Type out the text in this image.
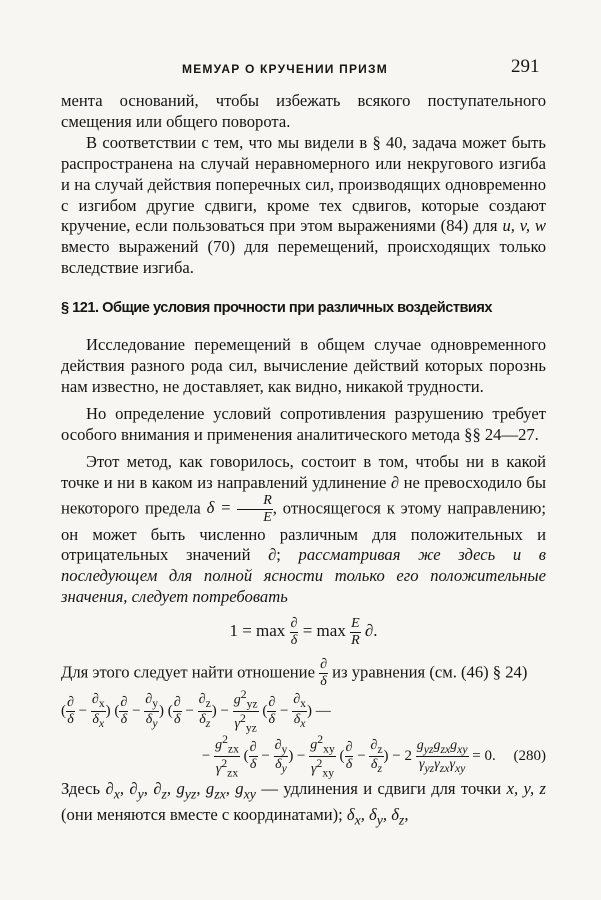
МЕМУАР О КРУЧЕНИИ ПРИЗМ	291

мента оснований, чтобы избежать всякого поступательного смещения или общего поворота.

В соответствии с тем, что мы видели в § 40, задача может быть распространена на случай неравномерного или некругового изгиба и на случай действия поперечных сил, производящих одновременно с изгибом другие сдвиги, кроме тех сдвигов, которые создают кручение, если пользоваться при этом выражениями (84) для u, v, w вместо выражений (70) для перемещений, происходящих только вследствие изгиба.

§ 121. Общие условия прочности при различных воздействиях

Исследование перемещений в общем случае одновременного действия разного рода сил, вычисление действий которых порознь нам известно, не доставляет, как видно, никакой трудности.

Но определение условий сопротивления разрушению требует особого внимания и применения аналитического метода §§ 24—27.

Этот метод, как говорилось, состоит в том, чтобы ни в какой точке и ни в каком из направлений удлинение ∂ не превосходило бы некоторого предела $\delta = \frac{R}{E}$ , относящегося к этому направлению; он может быть численно различным для положительных и отрицательных значений ∂; рассматривая же здесь и в последующем для полной ясности только его положительные значения, следует потребовать

$1 = \max \frac{\partial}{\delta} = \max \frac{E}{R}$ ∂.

Для этого следует найти отношение $\frac{\partial}{\delta}$ из уравнения (см. (46) § 24)

( $\frac{\partial}{\delta} - \frac{\partial_x}{\delta_x}$ ) ( $\frac{\partial}{\delta} - \frac{\partial_y}{\delta_y}$ ) ( $\frac{\partial}{\delta} - \frac{\partial_z}{\delta_z}$ ) − $\frac{g^2_{yz}}{\gamma^2_{yz}}$ ( $\frac{\partial}{\delta} - \frac{\partial_x}{\delta_x}$ ) —
− $\frac{g^2_{zx}}{\gamma^2_{zx}}$ ( $\frac{\partial}{\delta} - \frac{\partial_y}{\delta_y}$ ) − $\frac{g^2_{xy}}{\gamma^2_{xy}}$ ( $\frac{\partial}{\delta} - \frac{\partial_z}{\delta_z}$ ) − $2 \frac{g_{yz}g_{zx}g_{xy}}{\gamma_{yz}\gamma_{zx}\gamma_{xy}} = 0$. (280)

Здесь $\partial_x$, $\partial_y$, $\partial_z$, $g_{yz}$, $g_{zx}$, $g_{xy}$ — удлинения и сдвиги для точки x, y, z (они меняются вместе с координатами); $\delta_x$, $\delta_y$, $\delta_z$,
